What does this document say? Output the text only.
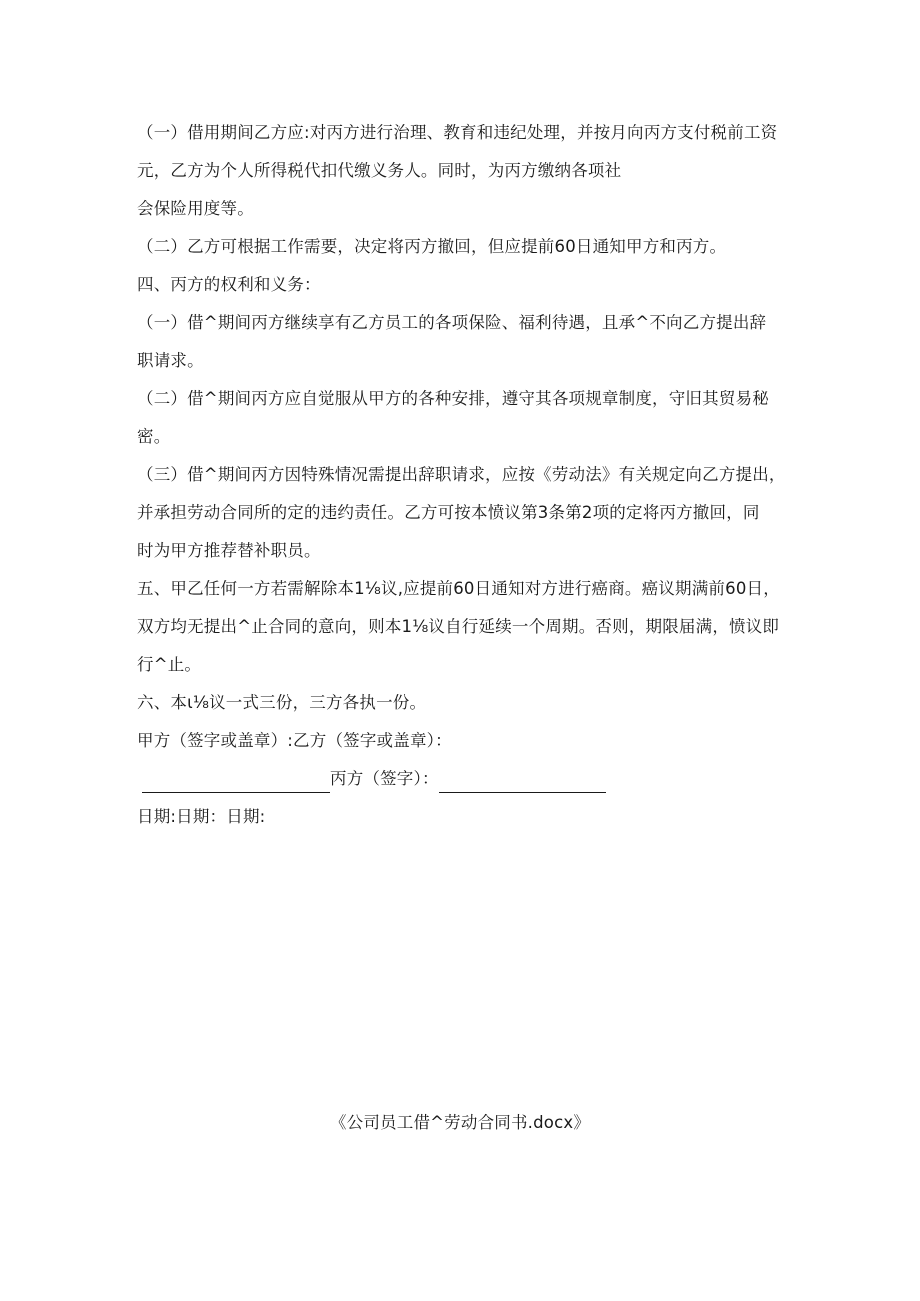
（一）借用期间乙方应:对丙方进行治理、教育和违纪处理，并按月向丙方支付税前工资
元，乙方为个人所得税代扣代缴义务人。同时，为丙方缴纳各项社
会保险用度等。
（二）乙方可根据工作需要，决定将丙方撤回，但应提前60日通知甲方和丙方。
四、丙方的权利和义务：
（一）借^期间丙方继续享有乙方员工的各项保险、福利待遇，且承^不向乙方提出辞
职请求。
（二）借^期间丙方应自觉服从甲方的各种安排，遵守其各项规章制度，守旧其贸易秘
密。
（三）借^期间丙方因特殊情况需提出辞职请求，应按《劳动法》有关规定向乙方提出，
并承担劳动合同所的定的违约责任。乙方可按本愤议第3条第2项的定将丙方撤回，同
时为甲方推荐替补职员。
五、甲乙任何一方若需解除本1⅛议,应提前60日通知对方进行癌商。癌议期满前60日，
双方均无提出^止合同的意向，则本1⅛议自行延续一个周期。否则，期限届满，愤议即
行^止。
六、本ι⅛议一式三份，三方各执一份。
甲方（签字或盖章）:乙方（签字或盖章）：
丙方（签字）：
日期:日期：日期:
《公司员工借^劳动合同书.docx》
